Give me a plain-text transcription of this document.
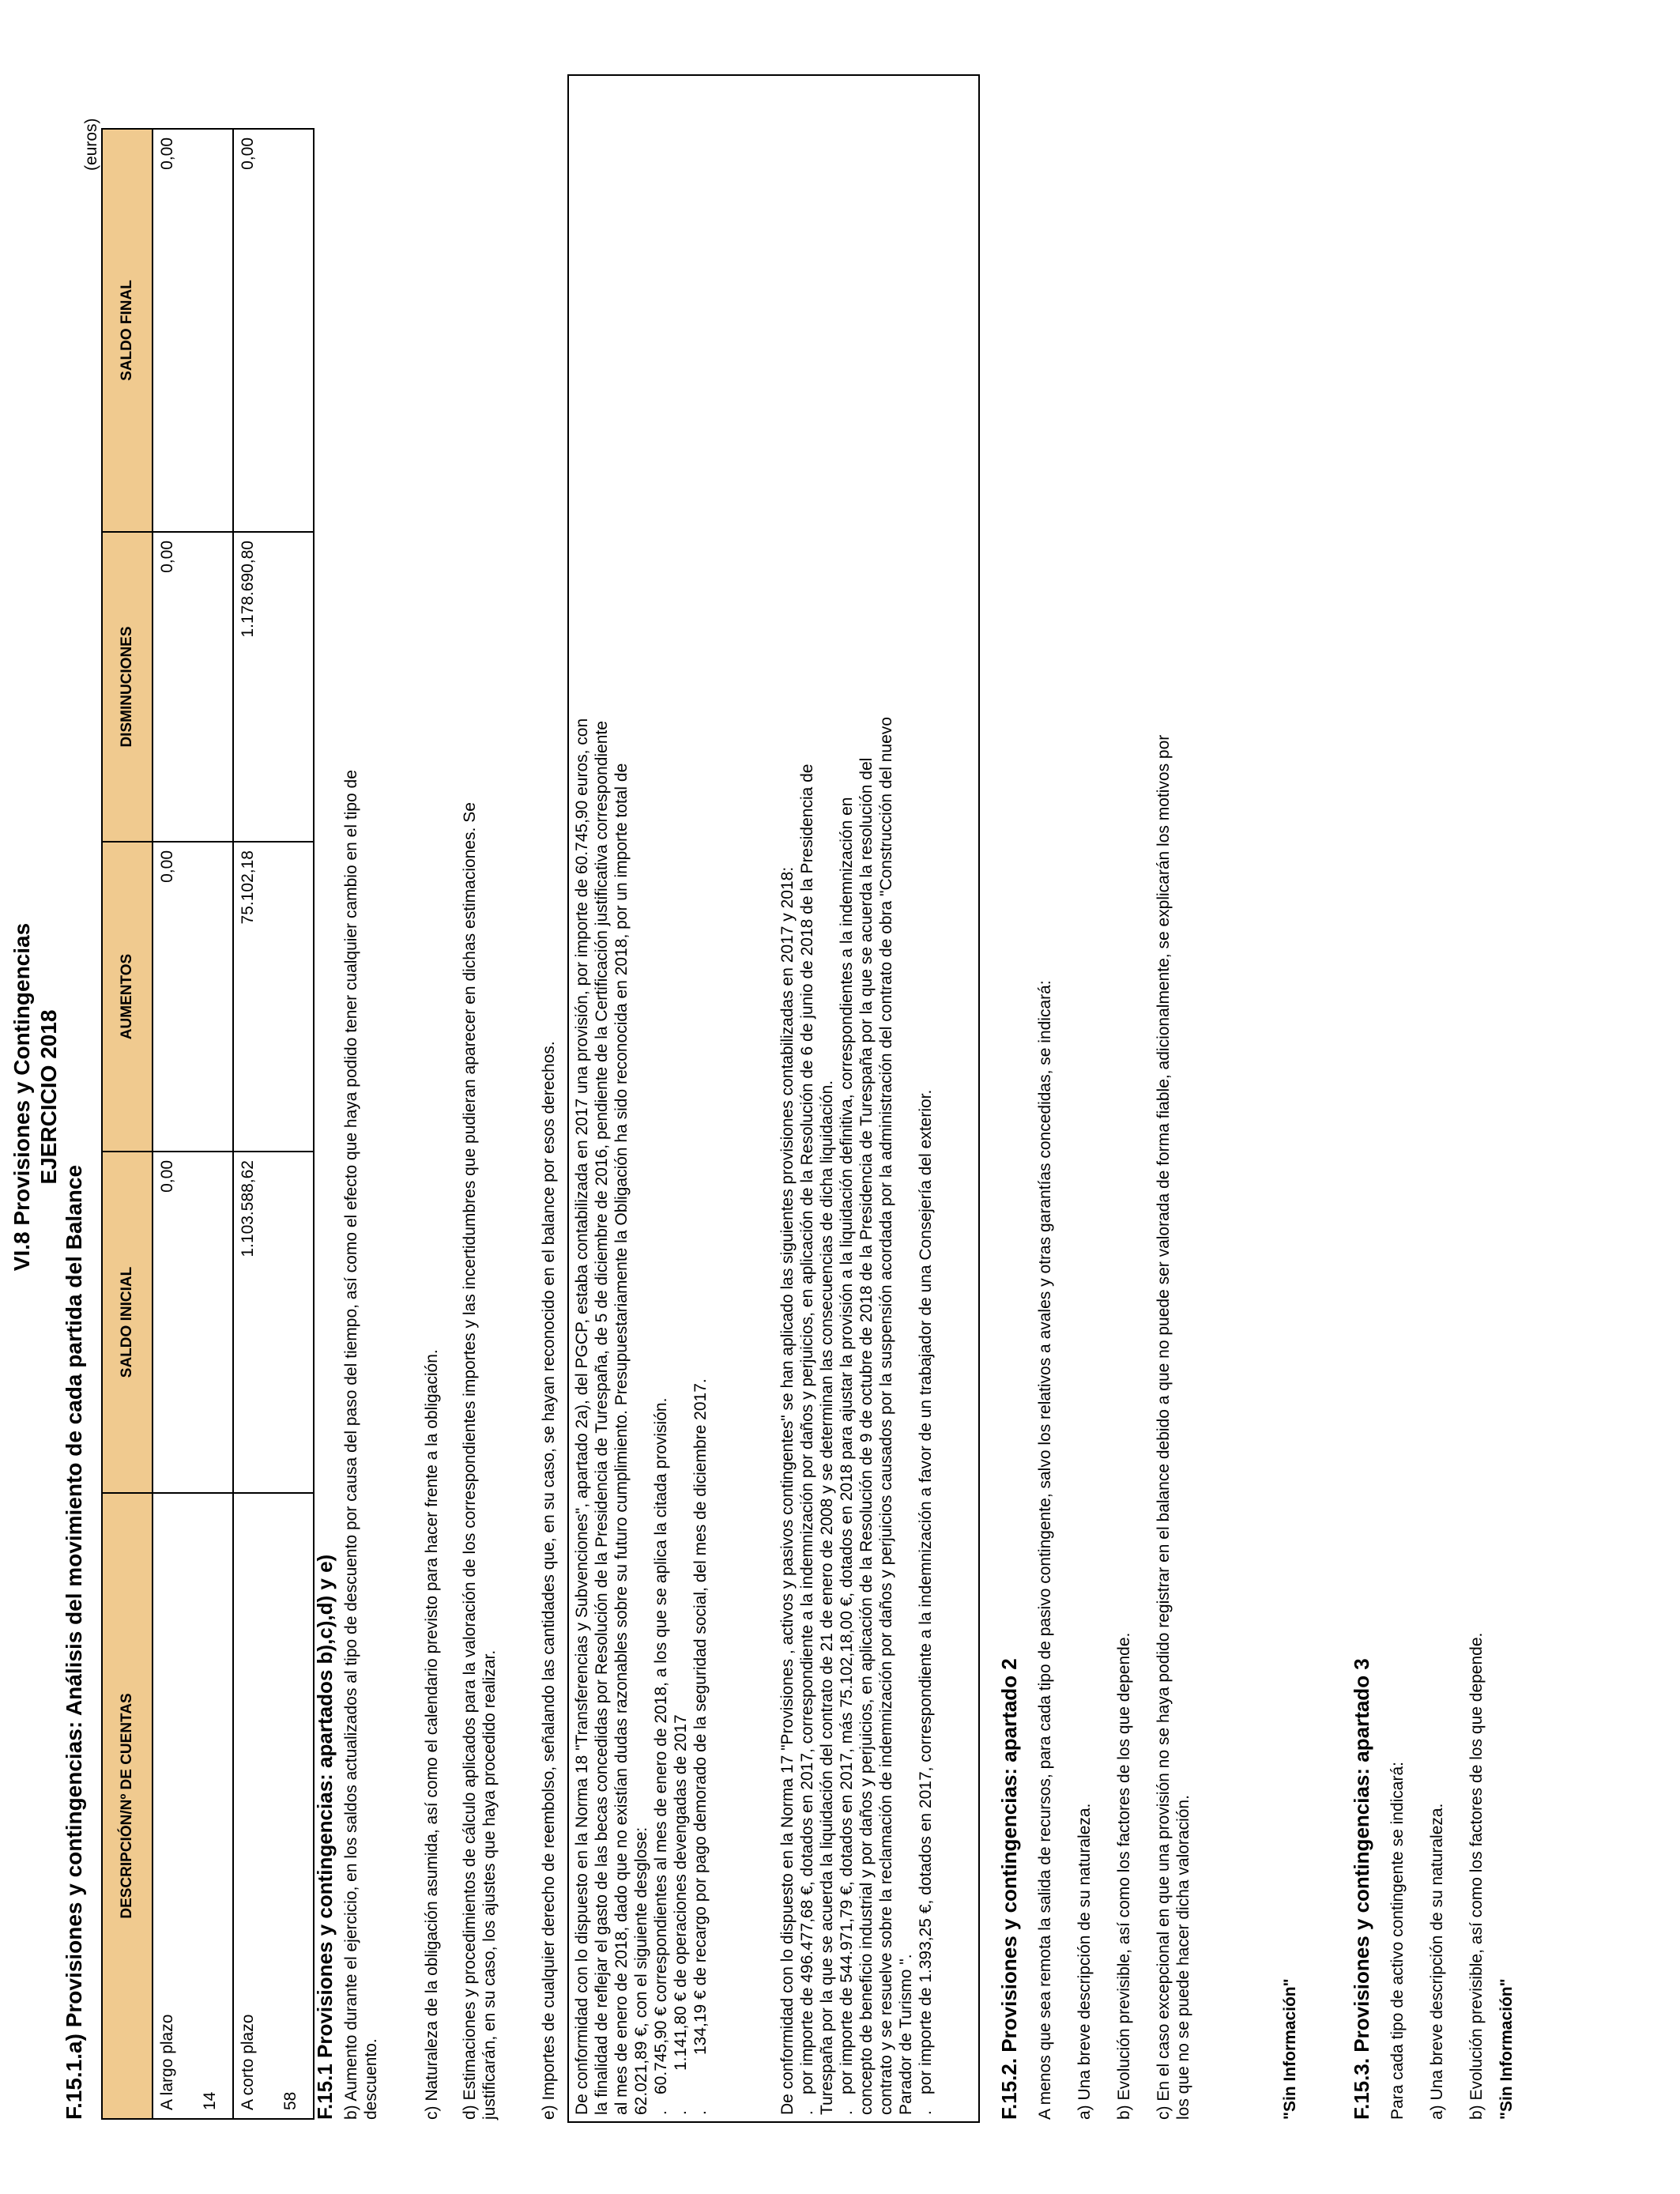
VI.8 Provisiones y Contingencias EJERCICIO 2018
F.15.1.a) Provisiones y contingencias: Análisis del movimiento de cada partida del Balance
(euros)
DESCRIPCIÓN/Nº DE CUENTAS	SALDO INICIAL	AUMENTOS	DISMINUCIONES	SALDO FINAL

A largo plazo 14	0,00	0,00	0,00	0,00

A corto plazo 58	1.103.588,62	75.102,18	1.178.690,80	0,00
F.15.1 Provisiones y contingencias: apartados b),c),d) y e) b) Aumento durante el ejercicio, en los saldos actualizados al tipo de descuento por causa del paso del tiempo, así como el efecto que haya podido tener cualquier cambio en el tipo de descuento.	c) Naturaleza de la obligación asumida, así como el calendario previsto para hacer frente a la obligación. d) Estimaciones y procedimientos de cálculo aplicados para la valoración de los correspondientes importes y las incertidumbres que pudieran aparecer en dichas estimaciones. Se justificarán, en su caso, los ajustes que haya procedido realizar. e) Importes de cualquier derecho de reembolso, señalando las cantidades que, en su caso, se hayan reconocido en el balance por esos derechos. De conformidad con lo dispuesto en la Norma 18 "Transferencias y Subvenciones", apartado 2a), del PGCP, estaba contabilizada en 2017 una provisión, por importe de 60.745,90 euros, con la finalidad de reflejar el gasto de las becas concedidas por Resolución de la Presidencia de Turespaña, de 5 de diciembre de 2016, pendiente de la Certificación justificativa correspondiente al mes de enero de 2018, dado que no existían dudas razonables sobre su futuro cumplimiento. Presupuestariamente la Obligación ha sido reconocida en 2018, por un importe total de 62.021,89 €, con el siguiente desglose: .60.745,90 € correspondientes al mes de enero de 2018, a los que se aplica la citada provisión.

.1.141,80 € de operaciones devengadas de 2017

.134,19 € de recargo por pago demorado de la seguridad social, del mes de diciembre 2017.	De conformidad con lo dispuesto en la Norma 17 "Provisiones , activos y pasivos contingentes" se han aplicado las siguientes provisiones contabilizadas en 2017 y 2018: .por importe de 496.477,68 €, dotados en 2017, correspondiente a la indemnización por daños y perjuicios, en aplicación de la Resolución de 6 de junio de 2018 de la Presidencia de Turespaña por la que se acuerda la liquidación del contrato de 21 de enero de 2008 y se determinan las consecuencias de dicha liquidación. .por importe de 544.971,79 €, dotados en 2017, más 75.102,18,00 €, dotados en 2018 para ajustar la provisión a la liquidación definitiva, correspondientes a la indemnización en concepto de beneficio industrial y por daños y perjuicios, en aplicación de la Resolución de 9 de octubre de 2018 de la Presidencia de Turespaña por la que se acuerda la resolución del contrato y se resuelve sobre la reclamación de indemnización por daños y perjuicios causados por la suspensión acordada por la administración del contrato de obra "Construcción del nuevo Parador de Turismo ". .por importe de 1.393,25 €, dotados en 2017, correspondiente a la indemnización a favor de un trabajador de una Consejería del exterior.	F.15.2. Provisiones y contingencias: apartado 2 A menos que sea remota la salida de recursos, para cada tipo de pasivo contingente, salvo los relativos a avales y otras garantías concedidas, se indicará: a) Una breve descripción de su naturaleza. b) Evolución previsible, así como los factores de los que depende. c) En el caso excepcional en que una provisión no se haya podido registrar en el balance debido a que no puede ser valorada de forma fiable, adicionalmente, se explicarán los motivos por los que no se puede hacer dicha valoración.	"Sin Información" F.15.3. Provisiones y contingencias: apartado 3 Para cada tipo de activo contingente se indicará: a) Una breve descripción de su naturaleza. b) Evolución previsible, así como los factores de los que depende. "Sin Información"
